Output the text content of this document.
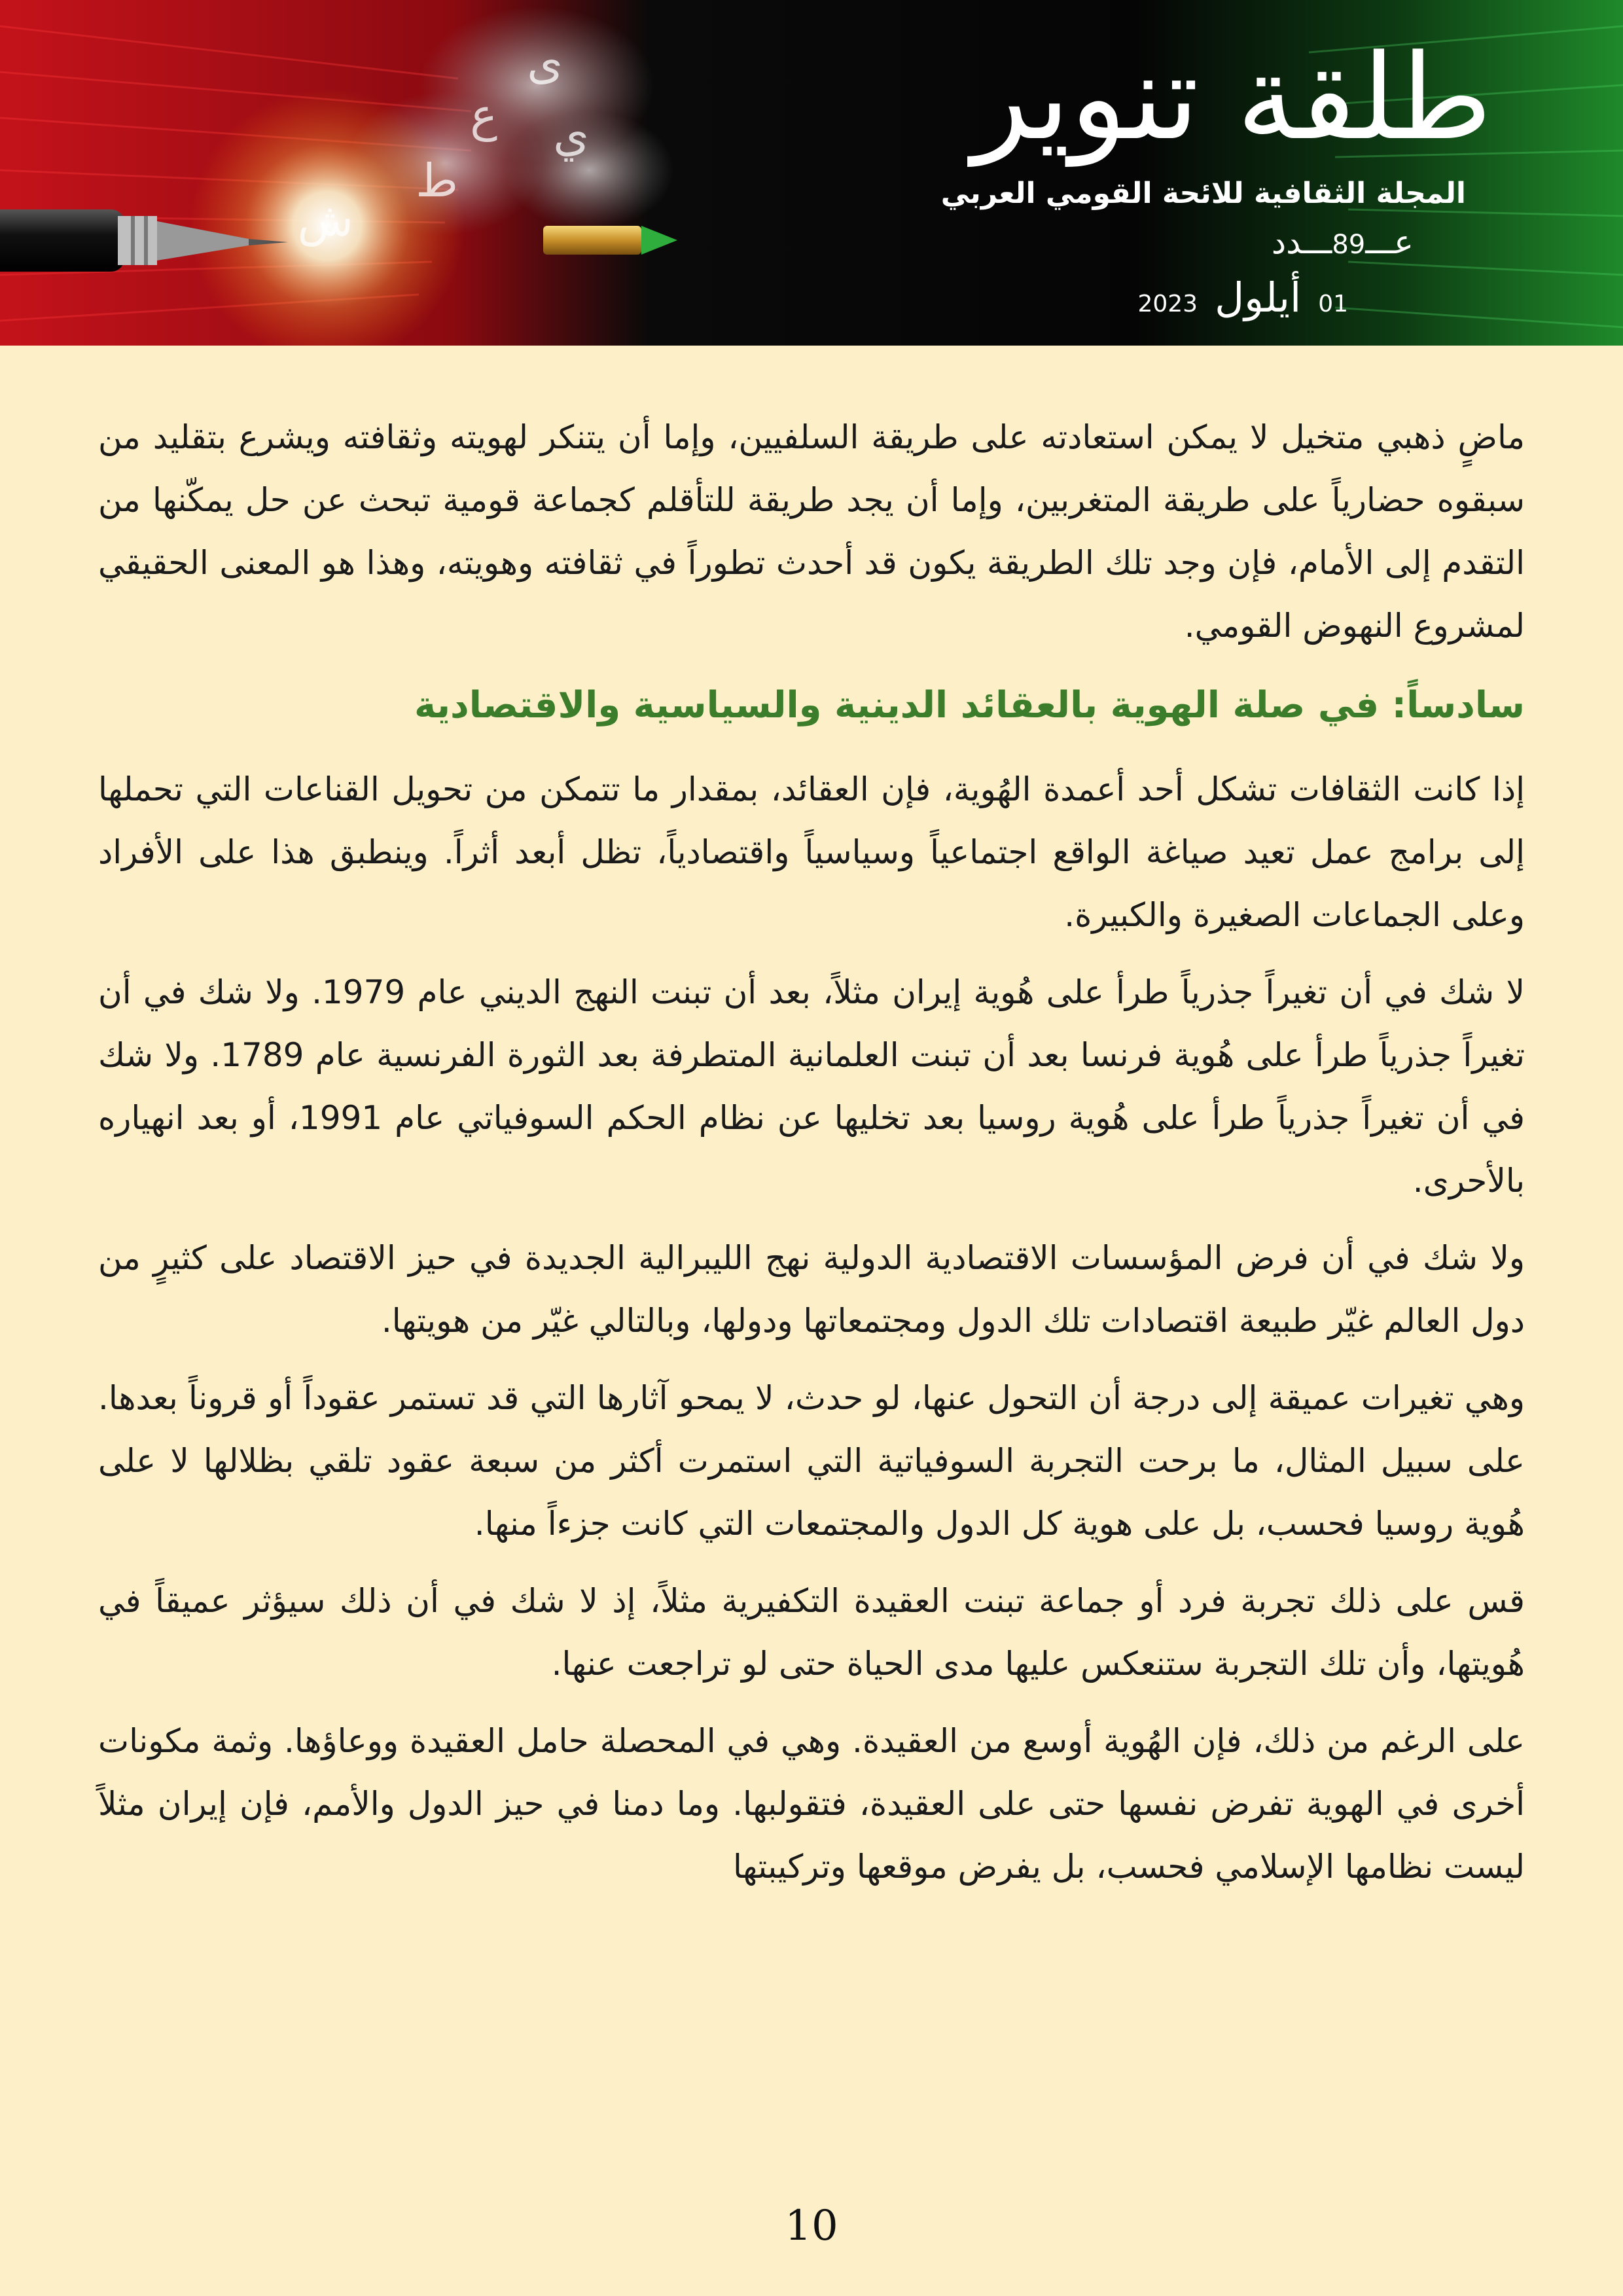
ى
ع
ط
ش
ي	طلقة تنوير
المجلة الثقافية للائحة القومي العربي
عـــ89ـــدد
01أيلول2023

ماضٍ ذهبي متخيل لا يمكن استعادته على طريقة السلفيين، وإما أن يتنكر لهويته وثقافته ويشرع بتقليد من سبقوه حضارياً على طريقة المتغربين، وإما أن يجد طريقة للتأقلم كجماعة قومية تبحث عن حل يمكّنها من التقدم إلى الأمام، فإن وجد تلك الطريقة يكون قد أحدث تطوراً في ثقافته وهويته، وهذا هو المعنى الحقيقي لمشروع النهوض القومي.

سادساً: في صلة الهوية بالعقائد الدينية والسياسية والاقتصادية

إذا كانت الثقافات تشكل أحد أعمدة الهُوية، فإن العقائد، بمقدار ما تتمكن من تحويل القناعات التي تحملها إلى برامج عمل تعيد صياغة الواقع اجتماعياً وسياسياً واقتصادياً، تظل أبعد أثراً. وينطبق هذا على الأفراد وعلى الجماعات الصغيرة والكبيرة.

لا شك في أن تغيراً جذرياً طرأ على هُوية إيران مثلاً، بعد أن تبنت النهج الديني عام 1979. ولا شك في أن تغيراً جذرياً طرأ على هُوية فرنسا بعد أن تبنت العلمانية المتطرفة بعد الثورة الفرنسية عام 1789. ولا شك في أن تغيراً جذرياً طرأ على هُوية روسيا بعد تخليها عن نظام الحكم السوفياتي عام 1991، أو بعد انهياره بالأحرى.

ولا شك في أن فرض المؤسسات الاقتصادية الدولية نهج الليبرالية الجديدة في حيز الاقتصاد على كثيرٍ من دول العالم غيّر طبيعة اقتصادات تلك الدول ومجتمعاتها ودولها، وبالتالي غيّر من هويتها.

وهي تغيرات عميقة إلى درجة أن التحول عنها، لو حدث، لا يمحو آثارها التي قد تستمر عقوداً أو قروناً بعدها. على سبيل المثال، ما برحت التجربة السوفياتية التي استمرت أكثر من سبعة عقود تلقي بظلالها لا على هُوية روسيا فحسب، بل على هوية كل الدول والمجتمعات التي كانت جزءاً منها.

قس على ذلك تجربة فرد أو جماعة تبنت العقيدة التكفيرية مثلاً، إذ لا شك في أن ذلك سيؤثر عميقاً في هُويتها، وأن تلك التجربة ستنعكس عليها مدى الحياة حتى لو تراجعت عنها.

على الرغم من ذلك، فإن الهُوية أوسع من العقيدة. وهي في المحصلة حامل العقيدة ووعاؤها. وثمة مكونات أخرى في الهوية تفرض نفسها حتى على العقيدة، فتقولبها. وما دمنا في حيز الدول والأمم، فإن إيران مثلاً ليست نظامها الإسلامي فحسب، بل يفرض موقعها وتركيبتها

10
